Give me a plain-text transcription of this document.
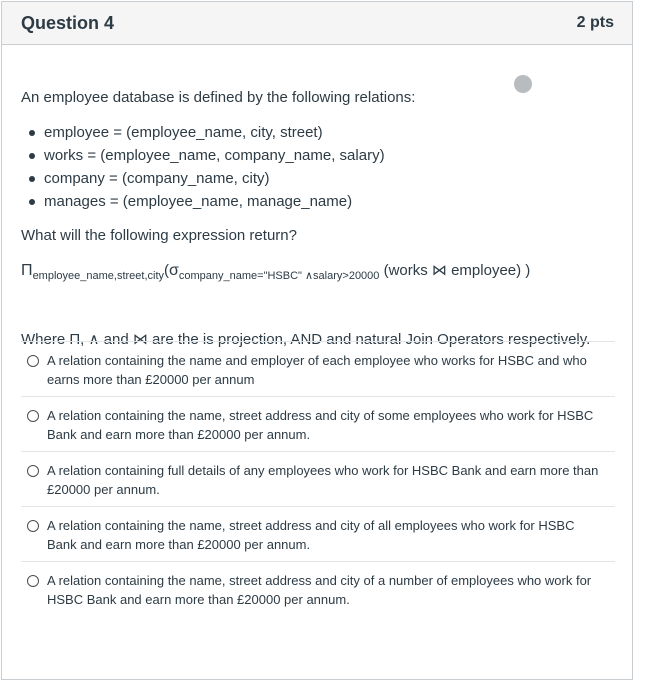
Question 4	2 pts

An employee database is defined by the following relations:

employee = (employee_name, city, street)
works = (employee_name, company_name, salary)
company = (company_name, city)
manages = (employee_name, manage_name)

What will the following expression return?

$\Pi_{employee\_name,street,city}(\sigma_{company\_name="HSBC" \wedge salary>20000}$ (works ⋈ employee) )

Where Π, ∧ and ⋈ are the is projection, AND and natural Join Operators respectively.

A relation containing the name and employer of each employee who works for HSBC and who earns more than £20000 per annum
A relation containing the name, street address and city of some employees who work for HSBC Bank and earn more than £20000 per annum.
A relation containing full details of any employees who work for HSBC Bank and earn more than £20000 per annum.
A relation containing the name, street address and city of all employees who work for HSBC Bank and earn more than £20000 per annum.
A relation containing the name, street address and city of a number of employees who work for HSBC Bank and earn more than £20000 per annum.
